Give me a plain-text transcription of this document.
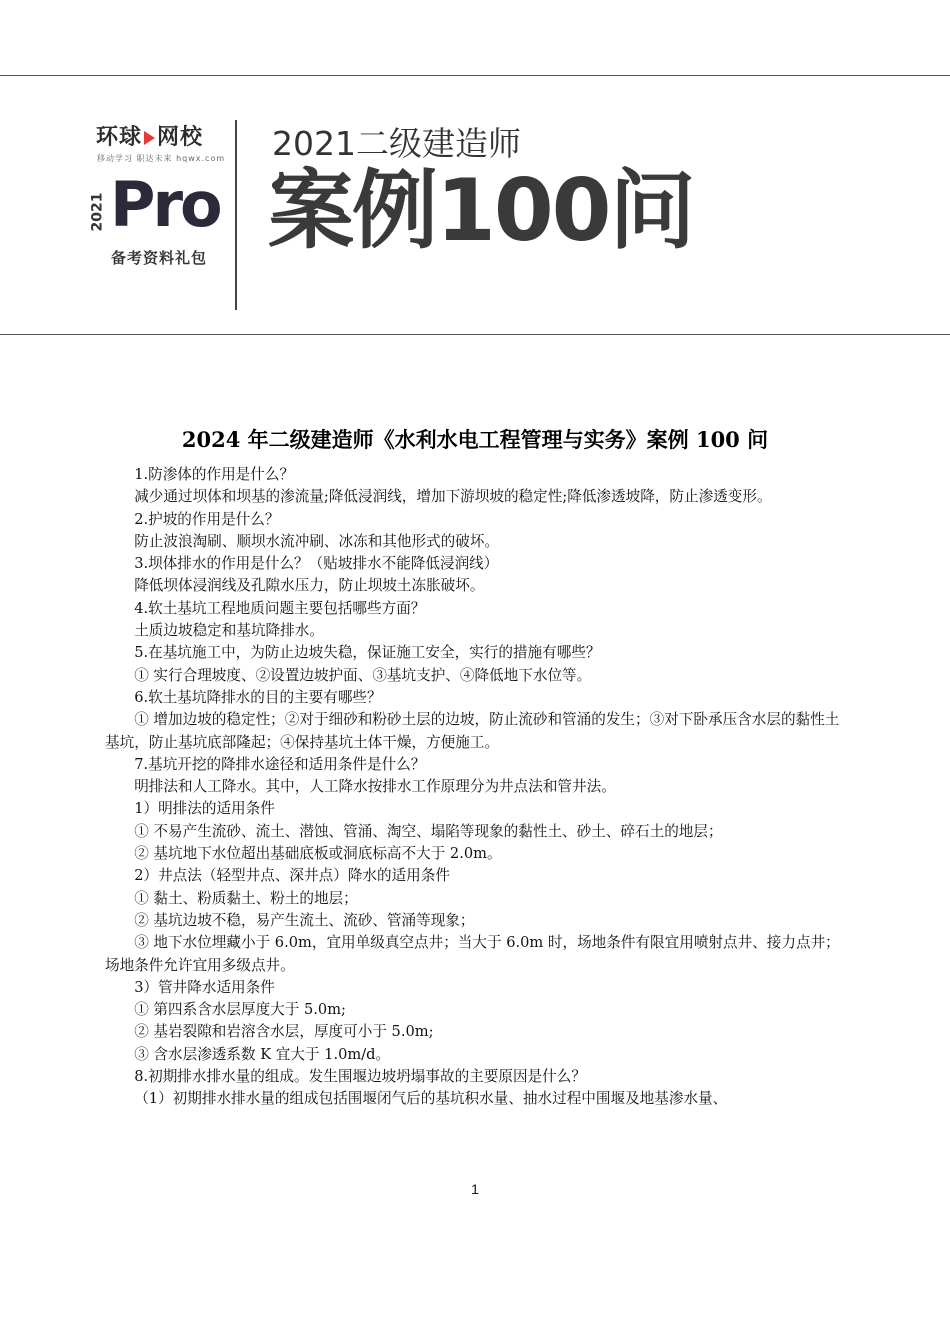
环球 网校
移动学习 职达未来 hqwx.com
2021 Pro
备考资料礼包
2021二级建造师
案例100问
2024 年二级建造师《水利水电工程管理与实务》案例 100 问

1.防渗体的作用是什么？

减少通过坝体和坝基的渗流量;降低浸润线，增加下游坝坡的稳定性;降低渗透坡降，防止渗透变形。

2.护坡的作用是什么？

防止波浪淘刷、顺坝水流冲刷、冰冻和其他形式的破坏。

3.坝体排水的作用是什么？（贴坡排水不能降低浸润线）

降低坝体浸润线及孔隙水压力，防止坝坡土冻胀破坏。

4.软土基坑工程地质问题主要包括哪些方面？

土质边坡稳定和基坑降排水。

5.在基坑施工中，为防止边坡失稳，保证施工安全，实行的措施有哪些？

① 实行合理坡度、②设置边坡护面、③基坑支护、④降低地下水位等。

6.软土基坑降排水的目的主要有哪些？

① 增加边坡的稳定性；②对于细砂和粉砂土层的边坡，防止流砂和管涌的发生；③对下卧承压含水层的黏性土基坑，防止基坑底部隆起；④保持基坑土体干燥，方便施工。

7.基坑开挖的降排水途径和适用条件是什么？

明排法和人工降水。其中，人工降水按排水工作原理分为井点法和管井法。

1）明排法的适用条件

① 不易产生流砂、流土、潜蚀、管涌、淘空、塌陷等现象的黏性土、砂土、碎石土的地层；

② 基坑地下水位超出基础底板或洞底标高不大于 2.0m。

2）井点法（轻型井点、深井点）降水的适用条件

① 黏土、粉质黏土、粉土的地层；

② 基坑边坡不稳，易产生流土、流砂、管涌等现象；

③ 地下水位埋藏小于 6.0m，宜用单级真空点井；当大于 6.0m 时，场地条件有限宜用喷射点井、接力点井；场地条件允许宜用多级点井。

3）管井降水适用条件

① 第四系含水层厚度大于 5.0m;

② 基岩裂隙和岩溶含水层，厚度可小于 5.0m;

③ 含水层渗透系数 K 宜大于 1.0m/d。

8.初期排水排水量的组成。发生围堰边坡坍塌事故的主要原因是什么？

（1）初期排水排水量的组成包括围堰闭气后的基坑积水量、抽水过程中围堰及地基渗水量、

1
